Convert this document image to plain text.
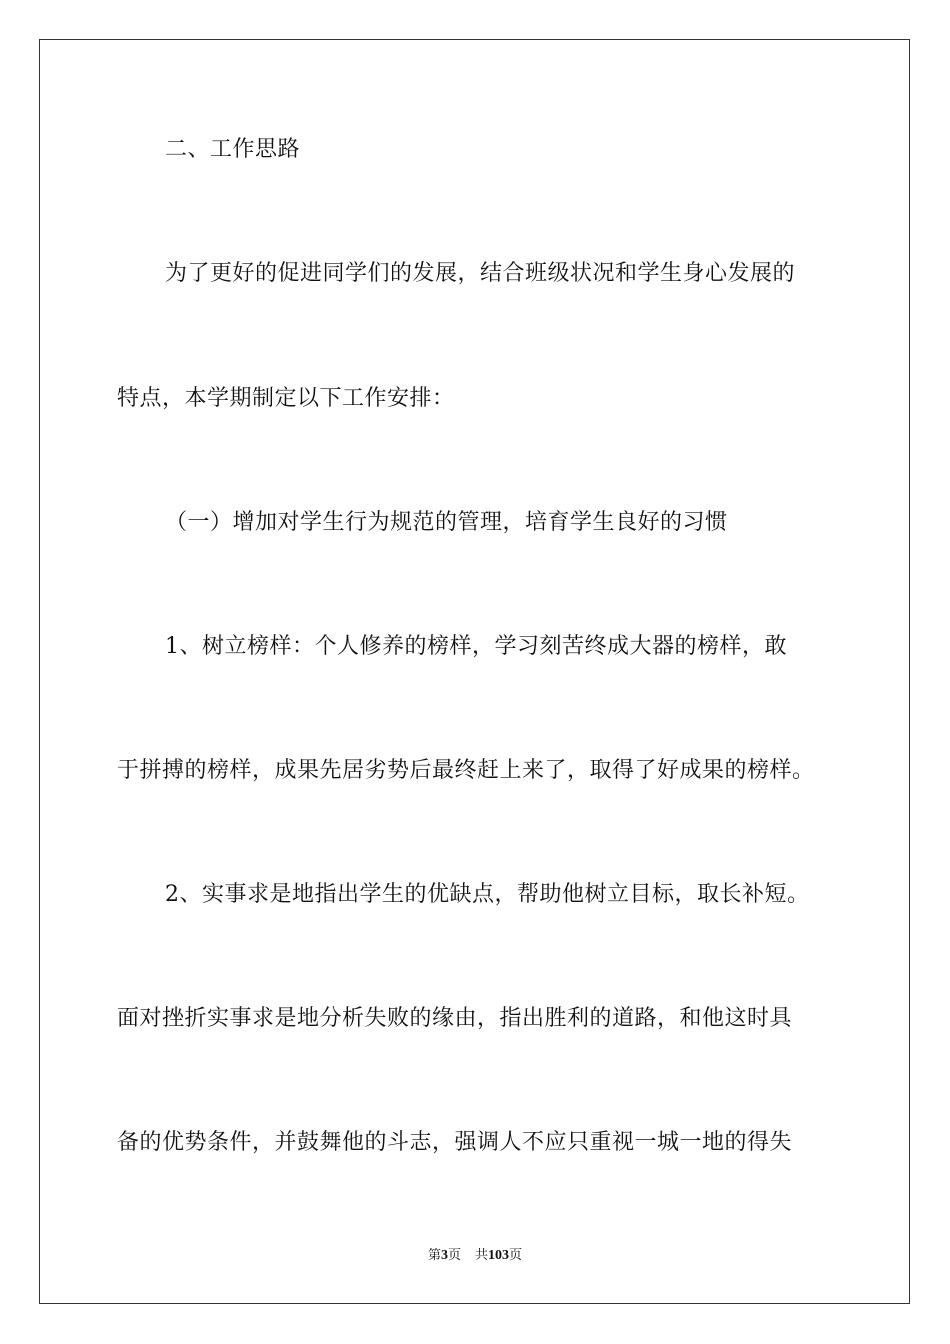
二、工作思路
为了更好的促进同学们的发展，结合班级状况和学生身心发展的
特点，本学期制定以下工作安排：
（一）增加对学生行为规范的管理，培育学生良好的习惯
1、树立榜样：个人修养的榜样，学习刻苦终成大器的榜样，敢
于拼搏的榜样，成果先居劣势后最终赶上来了，取得了好成果的榜样。
2、实事求是地指出学生的优缺点，帮助他树立目标，取长补短。
面对挫折实事求是地分析失败的缘由，指出胜利的道路，和他这时具
备的优势条件，并鼓舞他的斗志，强调人不应只重视一城一地的得失
第3页 共103页
